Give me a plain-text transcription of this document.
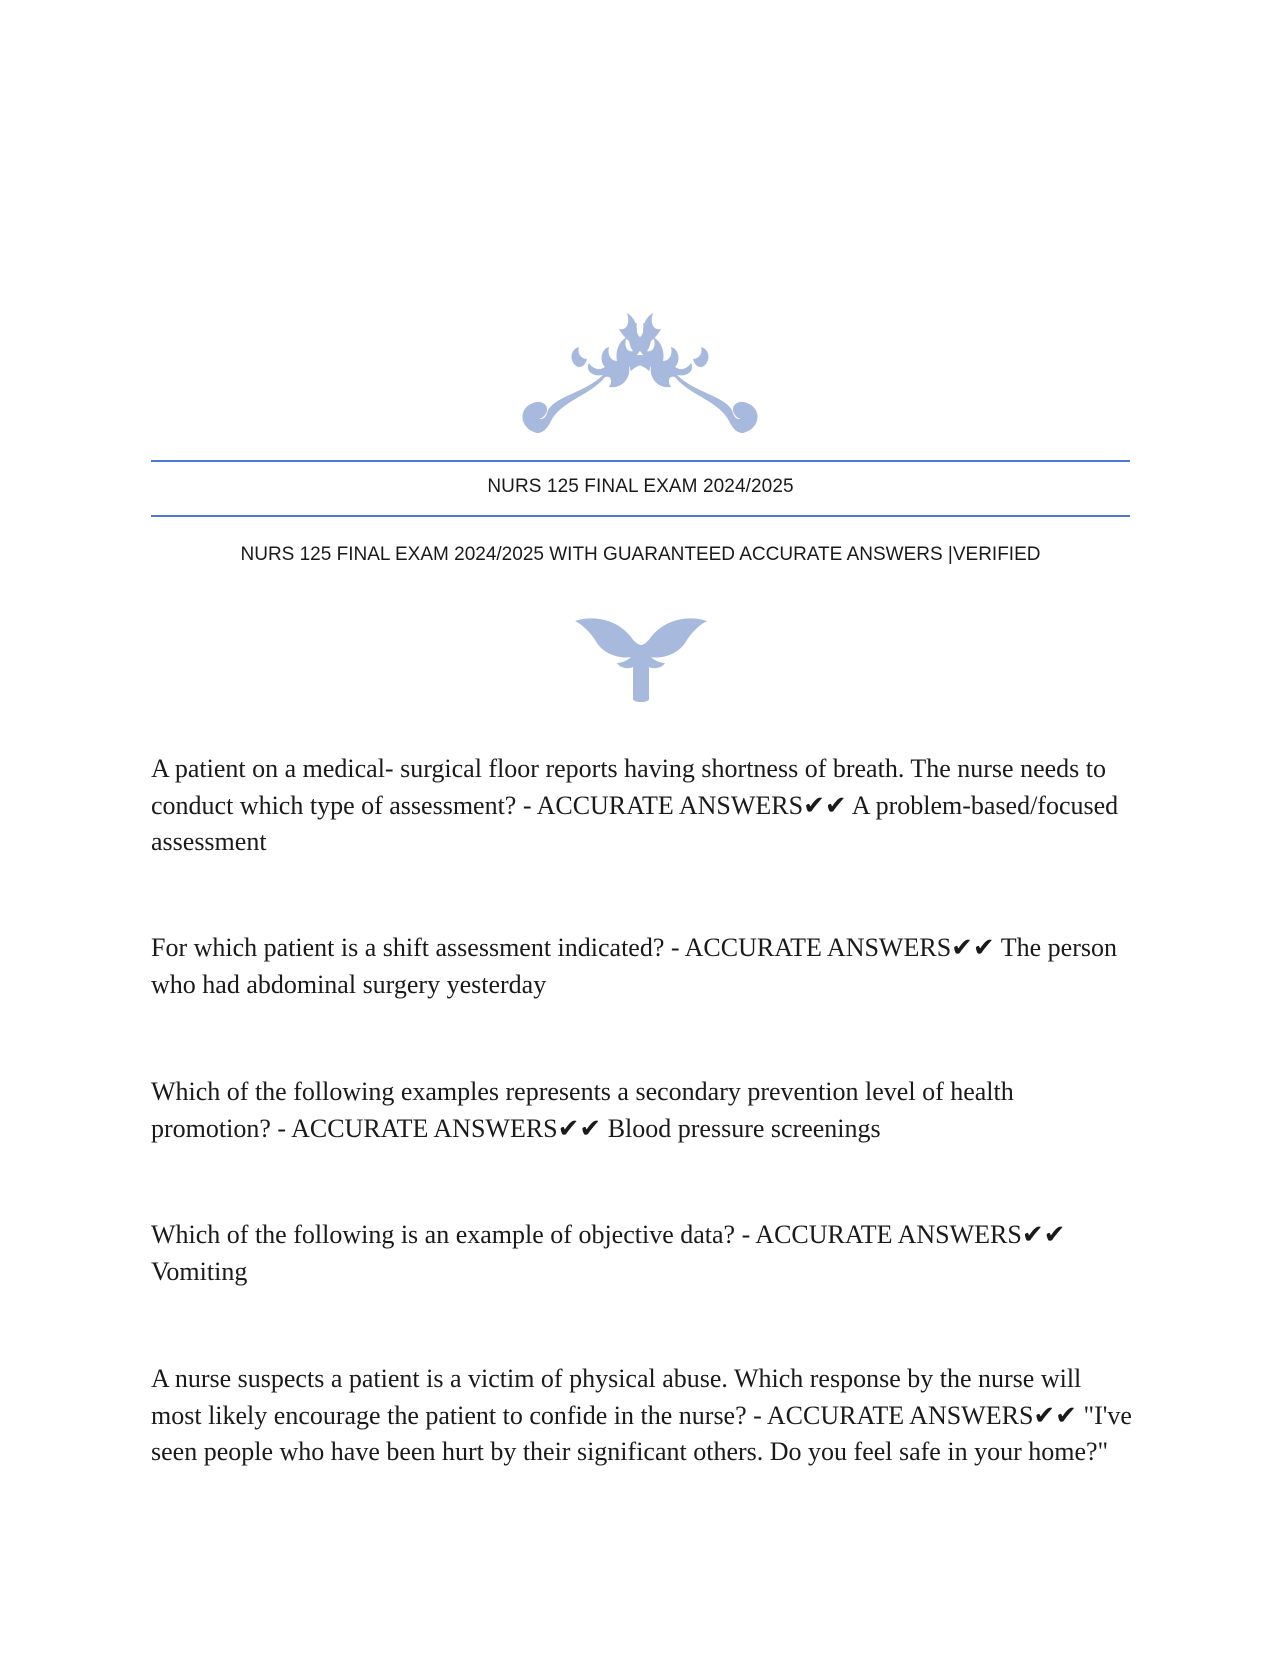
NURS 125 FINAL EXAM 2024/2025
NURS 125 FINAL EXAM 2024/2025 WITH GUARANTEED ACCURATE ANSWERS |VERIFIED
A patient on a medical- surgical floor reports having shortness of breath. The nurse needs to conduct which type of assessment? - ACCURATE ANSWERS✔✔ A problem-based/focused assessment
For which patient is a shift assessment indicated? - ACCURATE ANSWERS✔✔ The person who had abdominal surgery yesterday
Which of the following examples represents a secondary prevention level of health promotion? - ACCURATE ANSWERS✔✔ Blood pressure screenings
Which of the following is an example of objective data? - ACCURATE ANSWERS✔✔ Vomiting
A nurse suspects a patient is a victim of physical abuse. Which response by the nurse will most likely encourage the patient to confide in the nurse? - ACCURATE ANSWERS✔✔ "I've seen people who have been hurt by their significant others. Do you feel safe in your home?"
